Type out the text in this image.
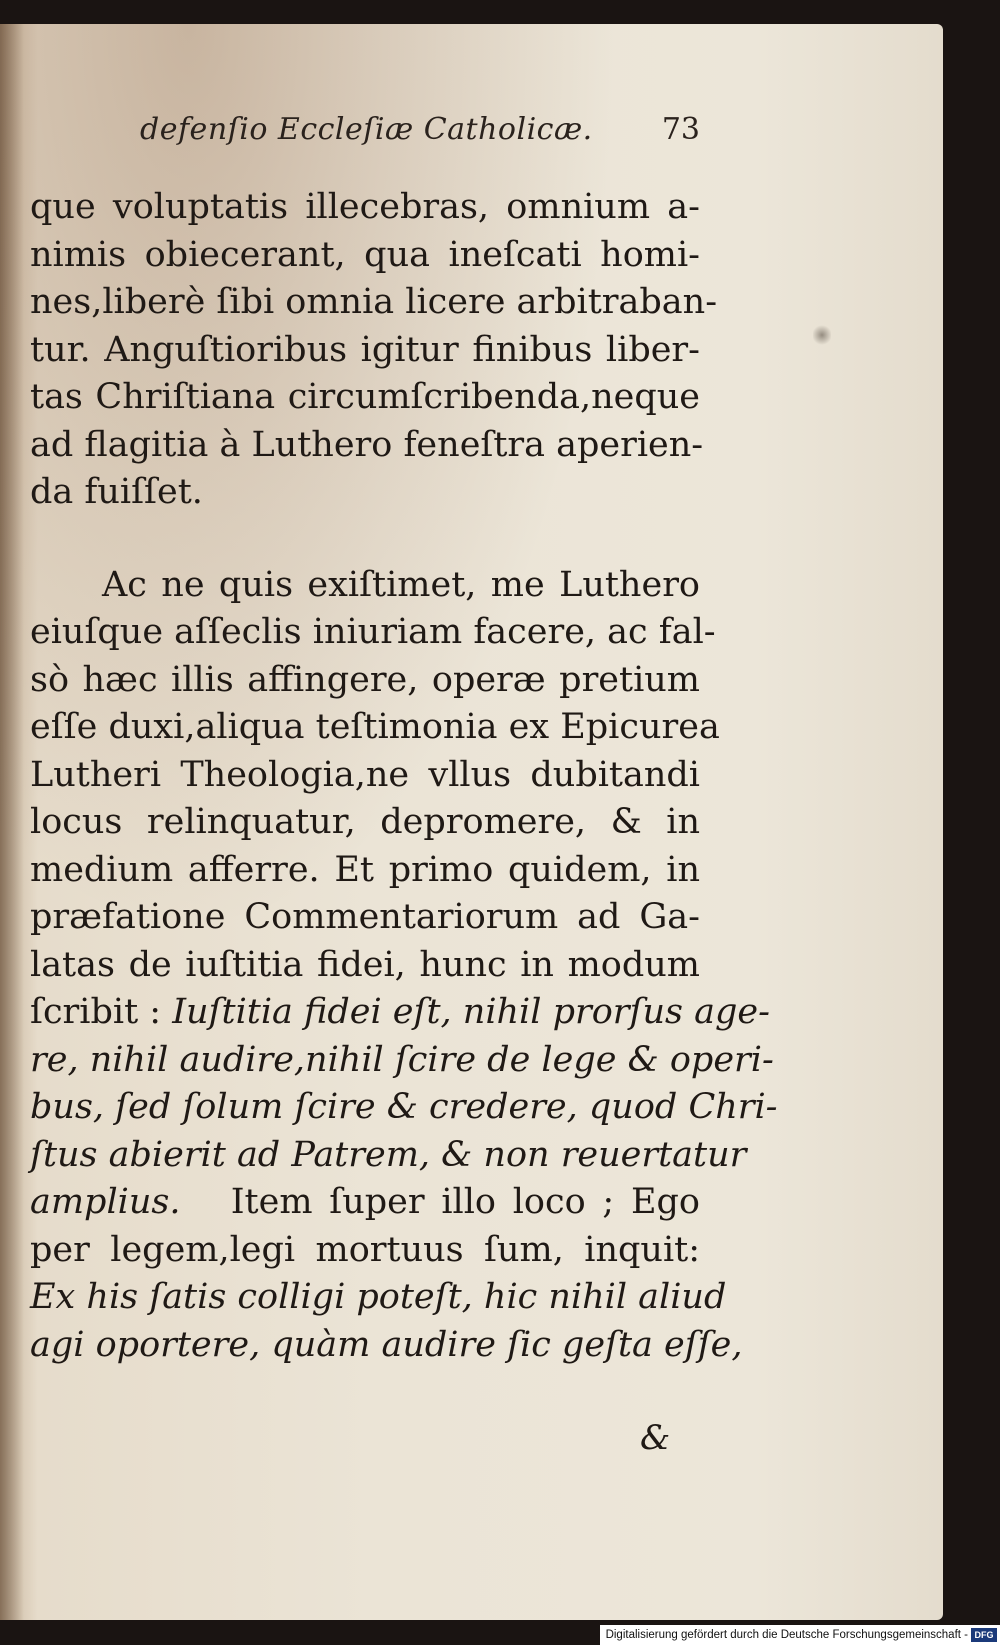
defenſio Eccleſiæ Catholicæ. 73
que voluptatis illecebras, omnium a-
nimis obiecerant, qua ineſcati homi-
nes,liberè ſibi omnia licere arbitraban-
tur. Anguſtioribus igitur finibus liber-
tas Chriſtiana circumſcribenda,neque
ad flagitia à Luthero feneſtra aperien-
da fuiſſet.
Ac ne quis exiſtimet, me Luthero
eiuſque aſſeclis iniuriam facere, ac fal-
sò hæc illis affingere, operæ pretium
eſſe duxi,aliqua teſtimonia ex Epicurea
Lutheri Theologia,ne vllus dubitandi
locus relinquatur, depromere, & in
medium afferre. Et primo quidem, in
præfatione Commentariorum ad Ga-
latas de iuſtitia fidei, hunc in modum
ſcribit : Iuſtitia fidei eſt, nihil prorſus age-
re, nihil audire,nihil ſcire de lege & operi-
bus, ſed ſolum ſcire & credere, quod Chri-
ſtus abierit ad Patrem, & non reuertatur
amplius.   Item ſuper illo loco ; Ego
per legem,legi mortuus ſum, inquit:
Ex his ſatis colligi poteſt, hic nihil aliud
agi oportere, quàm audire ſic geſta eſſe,
&
Digitalisierung gefördert durch die Deutsche Forschungsgemeinschaft - DFG
